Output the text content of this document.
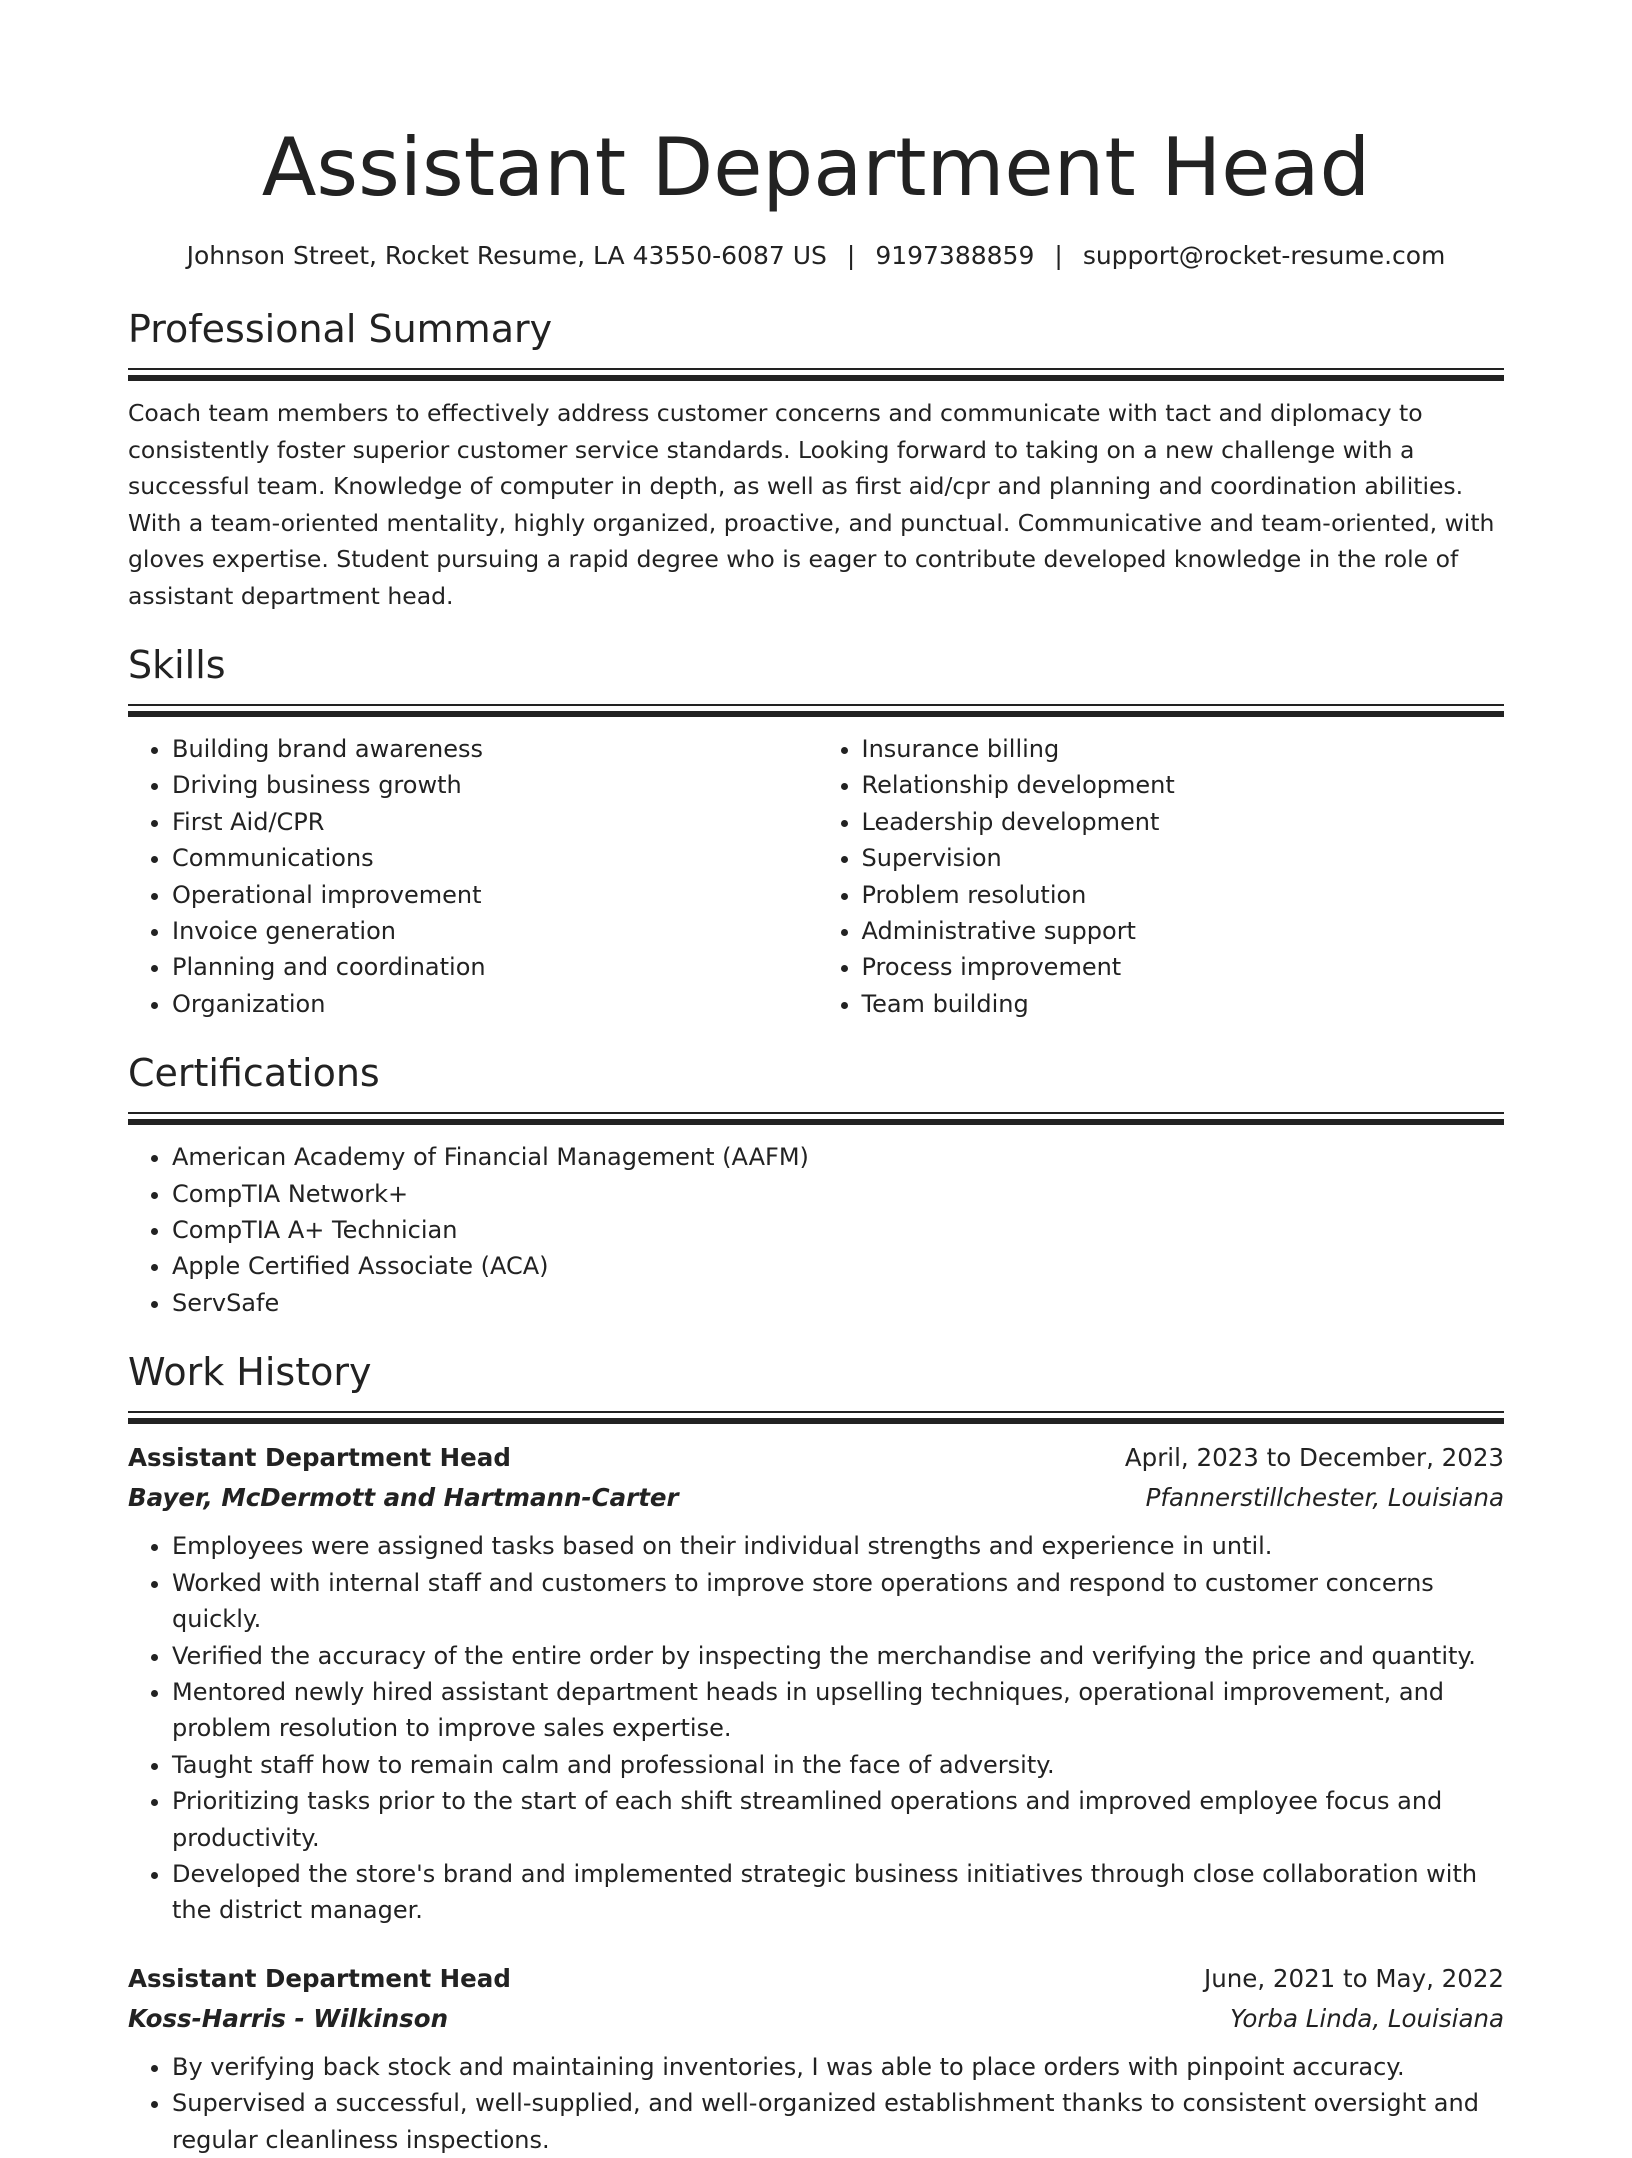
Assistant Department Head
Johnson Street, Rocket Resume, LA 43550-6087 US | 9197388859 | support@rocket-resume.com
Professional Summary
Coach team members to effectively address customer concerns and communicate with tact and diplomacy to consistently foster superior customer service standards. Looking forward to taking on a new challenge with a successful team. Knowledge of computer in depth, as well as first aid/cpr and planning and coordination abilities. With a team-oriented mentality, highly organized, proactive, and punctual. Communicative and team-oriented, with gloves expertise. Student pursuing a rapid degree who is eager to contribute developed knowledge in the role of assistant department head.
Skills
• Building brand awareness
• Driving business growth
• First Aid/CPR
• Communications
• Operational improvement
• Invoice generation
• Planning and coordination
• Organization
• Insurance billing
• Relationship development
• Leadership development
• Supervision
• Problem resolution
• Administrative support
• Process improvement
• Team building
Certifications
• American Academy of Financial Management (AAFM)
• CompTIA Network+
• CompTIA A+ Technician
• Apple Certified Associate (ACA)
• ServSafe
Work History
Assistant Department Head	April, 2023 to December, 2023
Bayer, McDermott and Hartmann-Carter	Pfannerstillchester, Louisiana
• Employees were assigned tasks based on their individual strengths and experience in until.
• Worked with internal staff and customers to improve store operations and respond to customer concerns quickly.
• Verified the accuracy of the entire order by inspecting the merchandise and verifying the price and quantity.
• Mentored newly hired assistant department heads in upselling techniques, operational improvement, and problem resolution to improve sales expertise.
• Taught staff how to remain calm and professional in the face of adversity.
• Prioritizing tasks prior to the start of each shift streamlined operations and improved employee focus and productivity.
• Developed the store's brand and implemented strategic business initiatives through close collaboration with the district manager.
Assistant Department Head	June, 2021 to May, 2022
Koss-Harris - Wilkinson	Yorba Linda, Louisiana
• By verifying back stock and maintaining inventories, I was able to place orders with pinpoint accuracy.
• Supervised a successful, well-supplied, and well-organized establishment thanks to consistent oversight and regular cleanliness inspections.
